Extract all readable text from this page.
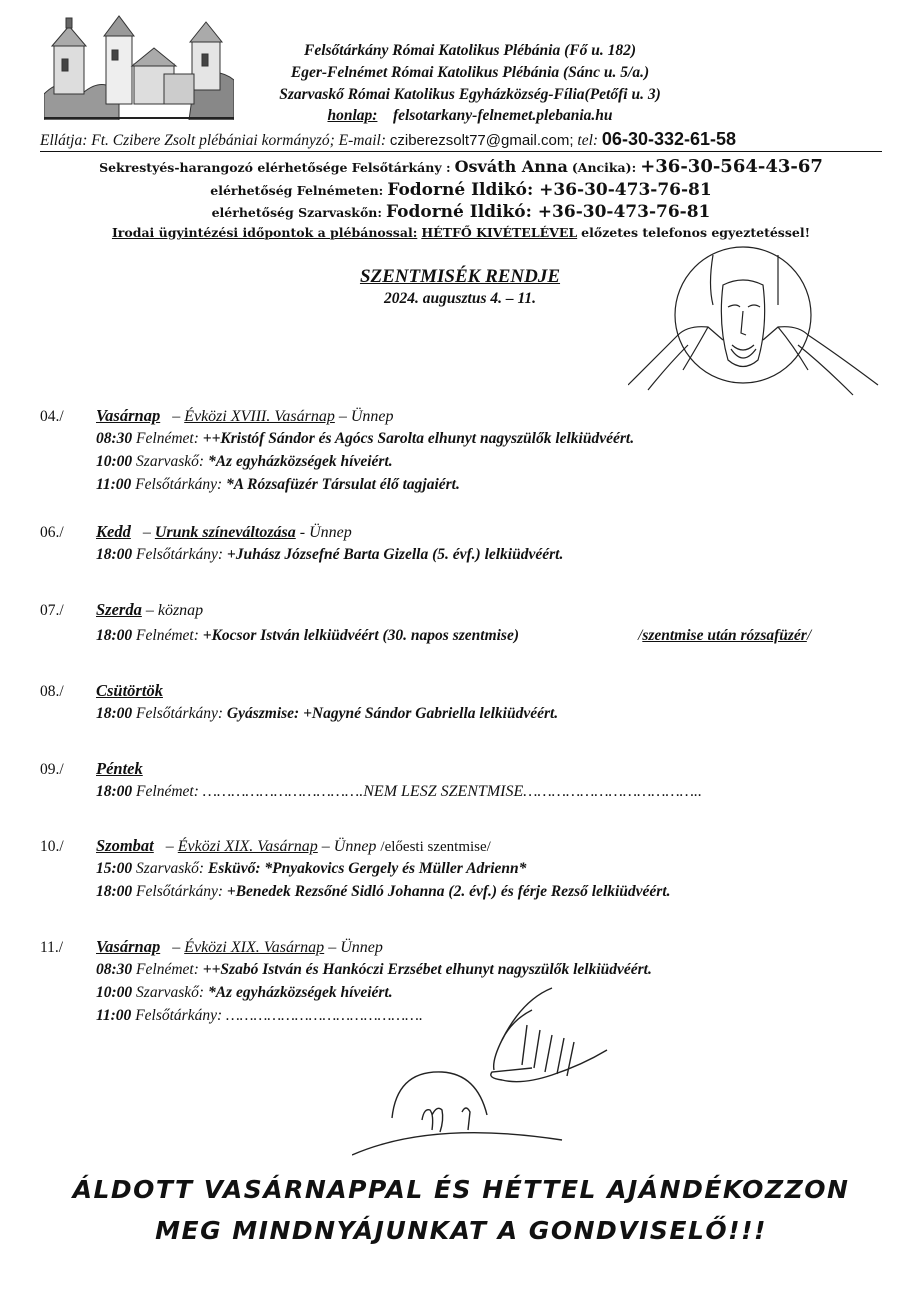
Felsőtárkány Római Katolikus Plébánia (Fő u. 182)
Eger-Felnémet Római Katolikus Plébánia (Sánc u. 5/a.)
Szarvaskő Római Katolikus Egyházközség-Fília(Petőfi u. 3)
honlap: felsotarkany-felnemet.plebania.hu
Ellátja: Ft. Czibere Zsolt plébániai kormányzó; E-mail: cziberezsolt77@gmail.com; tel: 06-30-332-61-58
Sekrestyés-harangozó elérhetősége Felsőtárkány : Osváth Anna (Ancika): +36-30-564-43-67
elérhetőség Felnémeten: Fodorné Ildikó: +36-30-473-76-81
elérhetőség Szarvaskőn: Fodorné Ildikó: +36-30-473-76-81
Irodai ügyintézési időpontok a plébánossal: HÉTFŐ KIVÉTELÉVEL előzetes telefonos egyeztetéssel!
SZENTMISÉK RENDJE
2024. augusztus 4. – 11.
04./ Vasárnap – Évközi XVIII. Vasárnap – Ünnep
08:30 Felnémet: ++Kristóf Sándor és Agócs Sarolta elhunyt nagyszülők lelkiüdvéért.
10:00 Szarvaskő: *Az egyházközségek híveiért.
11:00 Felsőtárkány: *A Rózsafüzér Társulat élő tagjaiért.
06./ Kedd – Urunk színeváltozása - Ünnep
18:00 Felsőtárkány: +Juhász Józsefné Barta Gizella (5. évf.) lelkiüdvéért.
07./ Szerda – köznap
18:00 Felnémet: +Kocsor István lelkiüdvéért (30. napos szentmise)	/szentmise után rózsafüzér/
08./ Csütörtök
18:00 Felsőtárkány: Gyászmise: +Nagyné Sándor Gabriella lelkiüdvéért.
09./ Péntek
18:00 Felnémet: …………………………….NEM LESZ SZENTMISE………………………………..
10./ Szombat – Évközi XIX. Vasárnap – Ünnep /előesti szentmise/
15:00 Szarvaskő: Esküvő: *Pnyakovics Gergely és Müller Adrienn*
18:00 Felsőtárkány: +Benedek Rezsőné Sidló Johanna (2. évf.) és férje Rezső lelkiüdvéért.
11./ Vasárnap – Évközi XIX. Vasárnap – Ünnep
08:30 Felnémet: ++Szabó István és Hankóczi Erzsébet elhunyt nagyszülők lelkiüdvéért.
10:00 Szarvaskő: *Az egyházközségek híveiért.
11:00 Felsőtárkány: …………………………………….
ÁLDOTT VASÁRNAPPAL ÉS HÉTTEL AJÁNDÉKOZZON
MEG MINDNYÁJUNKAT A GONDVISELŐ!!!
